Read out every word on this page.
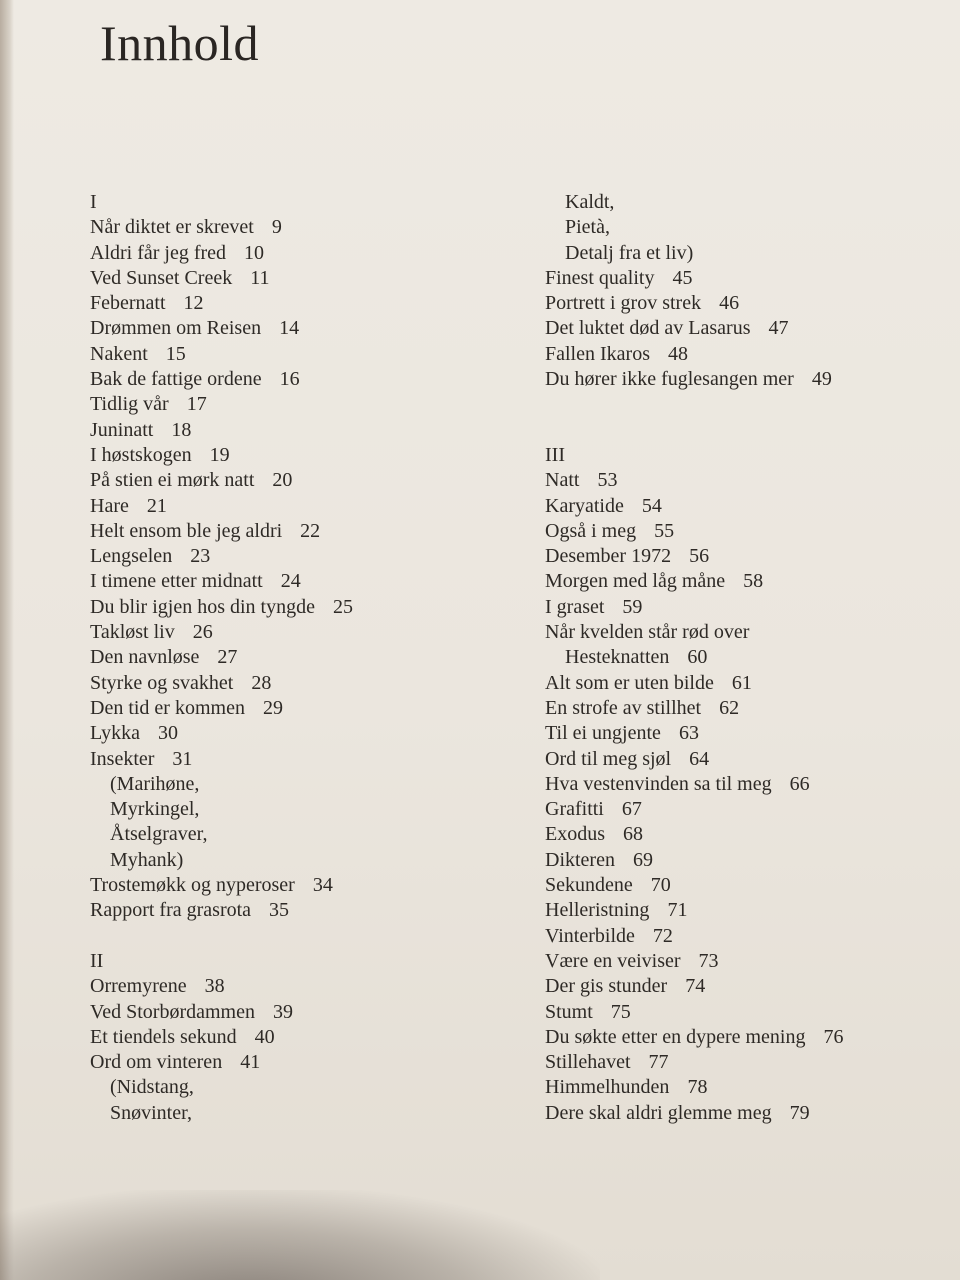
Innhold
I
Når diktet er skrevet 9
Aldri får jeg fred 10
Ved Sunset Creek 11
Febernatt 12
Drømmen om Reisen 14
Nakent 15
Bak de fattige ordene 16
Tidlig vår 17
Juninatt 18
I høstskogen 19
På stien ei mørk natt 20
Hare 21
Helt ensom ble jeg aldri 22
Lengselen 23
I timene etter midnatt 24
Du blir igjen hos din tyngde 25
Takløst liv 26
Den navnløse 27
Styrke og svakhet 28
Den tid er kommen 29
Lykka 30
Insekter 31
(Marihøne,
Myrkingel,
Åtselgraver,
Myhank)
Trostemøkk og nyperoser 34
Rapport fra grasrota 35
II
Orremyrene 38
Ved Storbørdammen 39
Et tiendels sekund 40
Ord om vinteren 41
(Nidstang,
Snøvinter,
Kaldt,
Pietà,
Detalj fra et liv)
Finest quality 45
Portrett i grov strek 46
Det luktet død av Lasarus 47
Fallen Ikaros 48
Du hører ikke fuglesangen mer 49
III
Natt 53
Karyatide 54
Også i meg 55
Desember 1972 56
Morgen med låg måne 58
I graset 59
Når kvelden står rød over
Hesteknatten 60
Alt som er uten bilde 61
En strofe av stillhet 62
Til ei ungjente 63
Ord til meg sjøl 64
Hva vestenvinden sa til meg 66
Grafitti 67
Exodus 68
Dikteren 69
Sekundene 70
Helleristning 71
Vinterbilde 72
Være en veiviser 73
Der gis stunder 74
Stumt 75
Du søkte etter en dypere mening 76
Stillehavet 77
Himmelhunden 78
Dere skal aldri glemme meg 79
